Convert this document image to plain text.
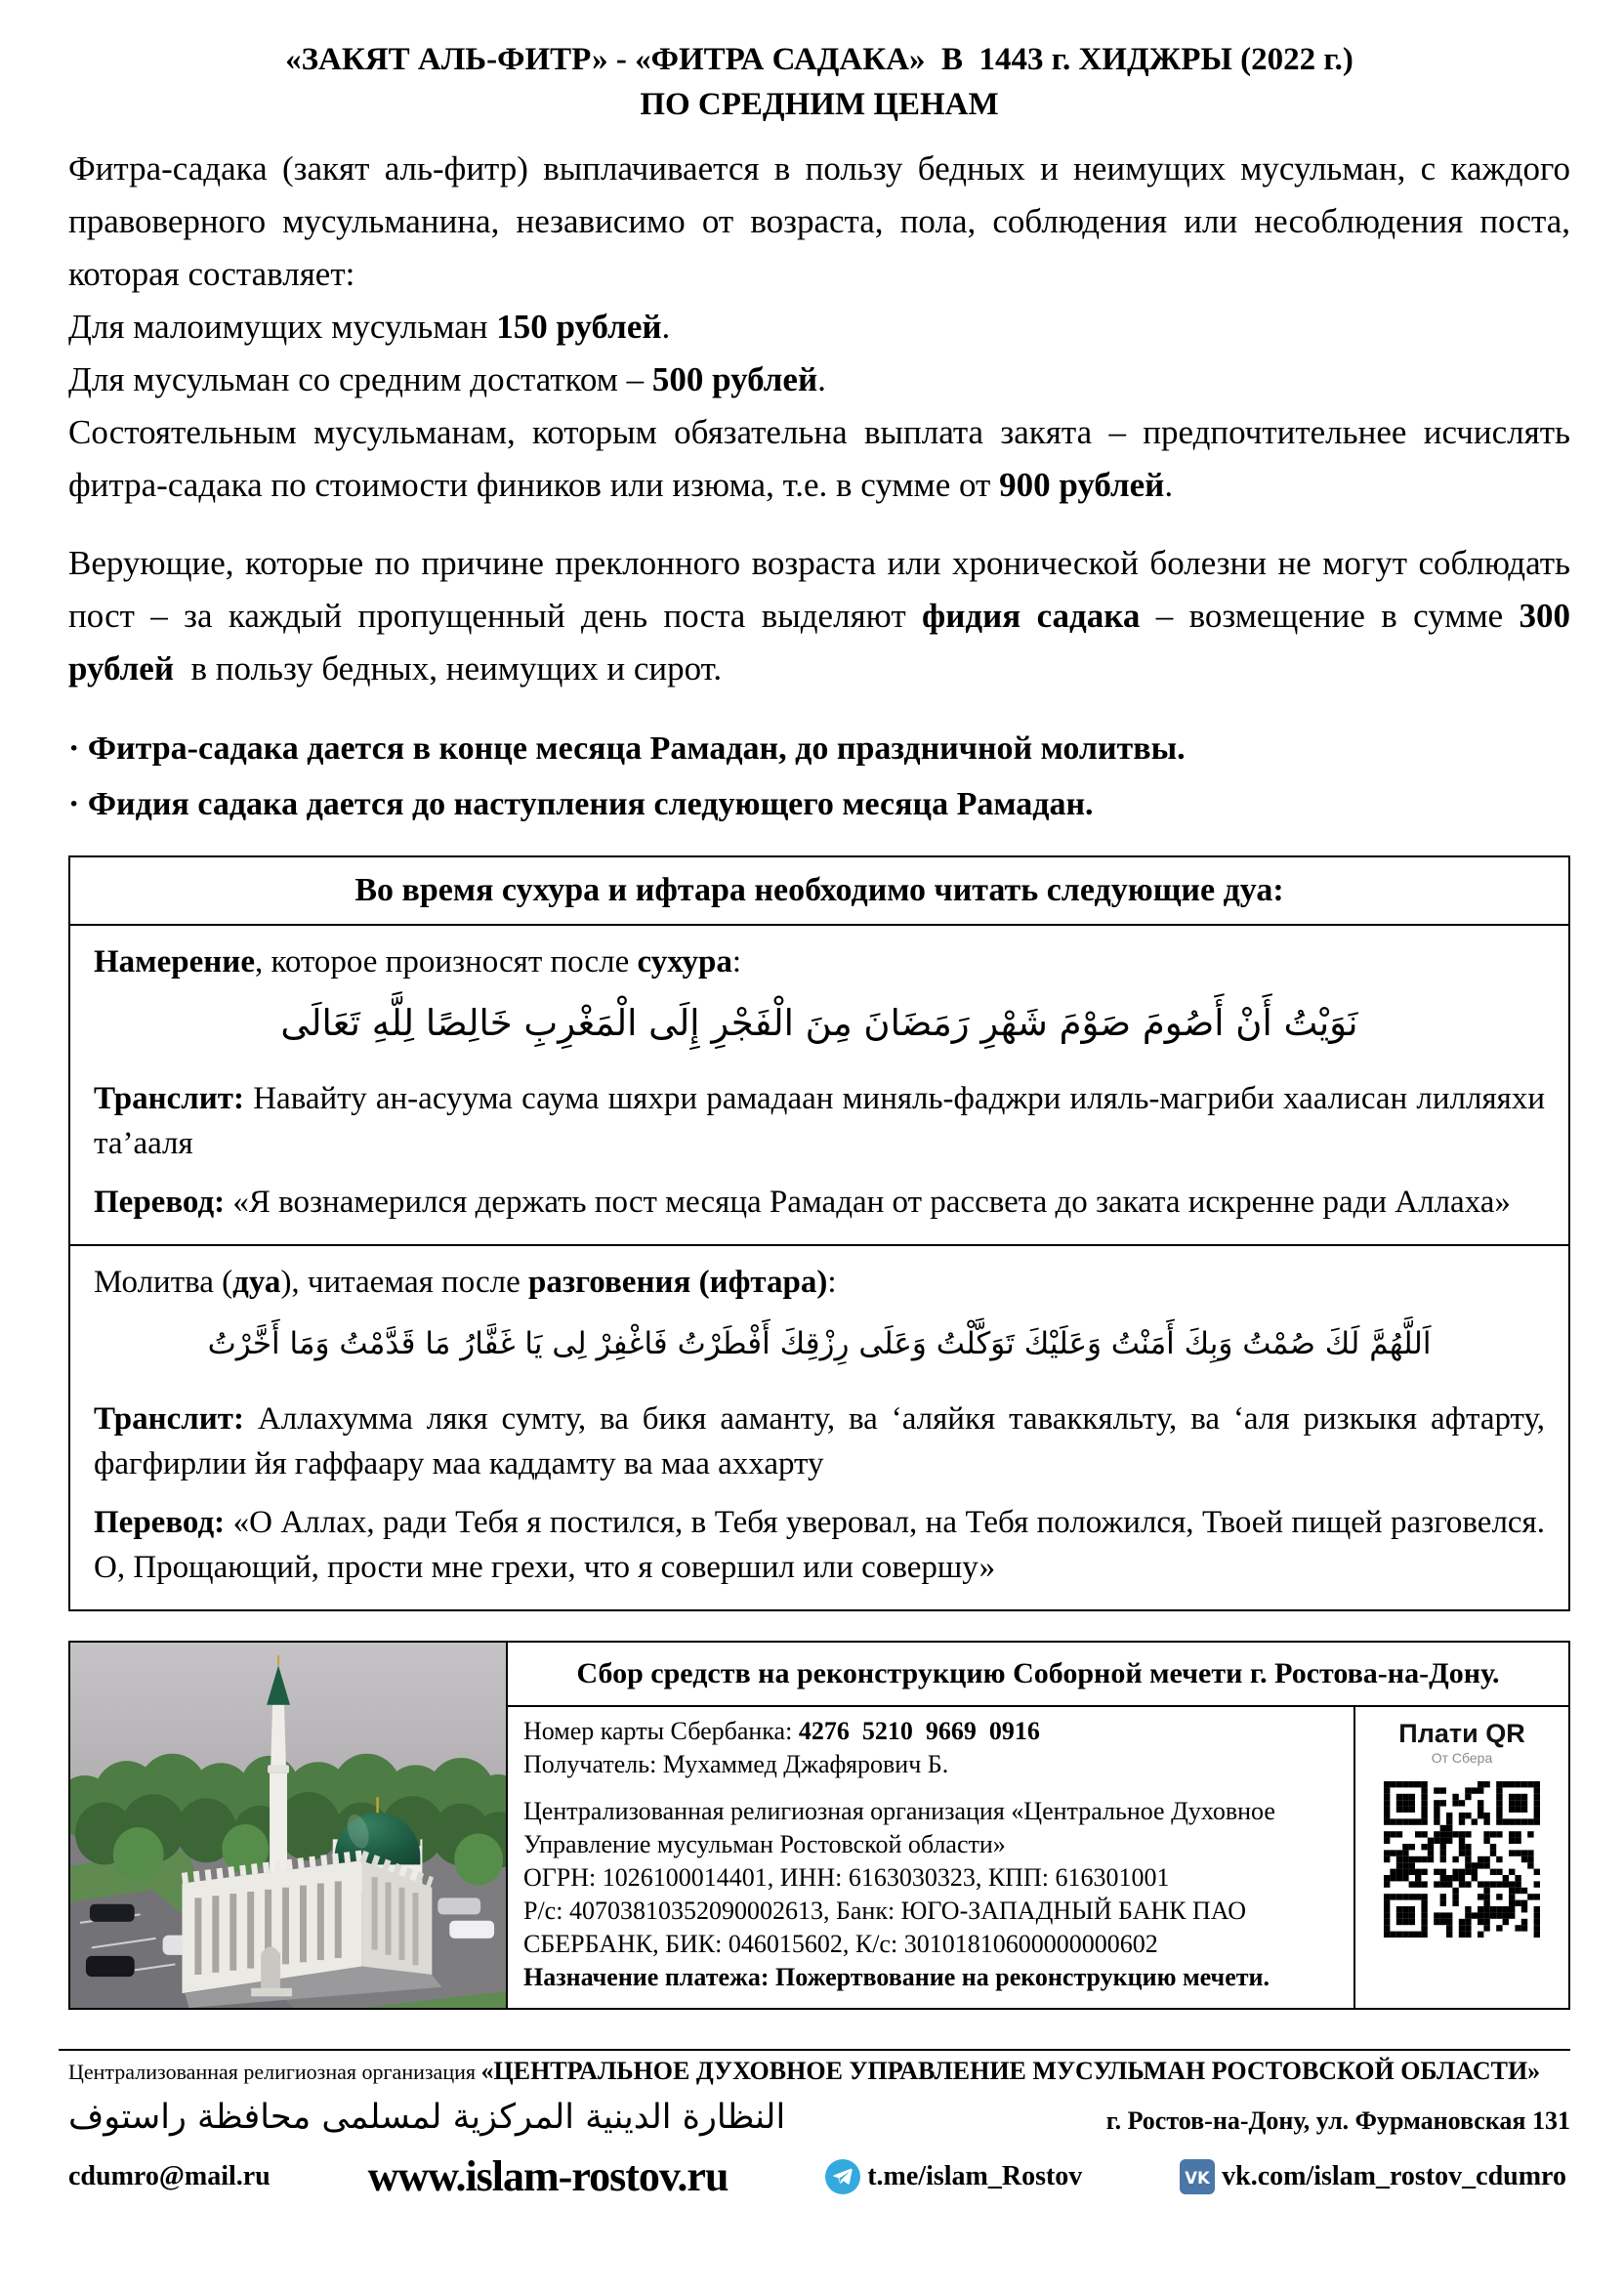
«ЗАКЯТ АЛЬ-ФИТР» - «ФИТРА САДАКА»  В  1443 г. ХИДЖРЫ (2022 г.)
ПО СРЕДНИМ ЦЕНАМ

Фитра-садака (закят аль-фитр) выплачивается в пользу бедных и неимущих мусульман, с каждого правоверного мусульманина, независимо от возраста, пола, соблюдения или несоблюдения поста, которая составляет:

Для малоимущих мусульман 150 рублей.

Для мусульман со средним достатком – 500 рублей.

Состоятельным мусульманам, которым обязательна выплата закята – предпочтительнее исчислять фитра-садака по стоимости фиников или изюма, т.е. в сумме от 900 рублей.

Верующие, которые по причине преклонного возраста или хронической болезни не могут соблюдать пост – за каждый пропущенный день поста выделяют фидия садака – возмещение в сумме 300 рублей  в пользу бедных, неимущих и сирот.

· Фитра-садака дается в конце месяца Рамадан, до праздничной молитвы.

· Фидия садака дается до наступления следующего месяца Рамадан.

Во время сухура и ифтара необходимо читать следующие дуа:

Намерение, которое произносят после сухура:

نَوَيْتُ أَنْ أَصُومَ صَوْمَ شَهْرِ رَمَضَانَ مِنَ الْفَجْرِ إِلَى الْمَغْرِبِ خَالِصًا لِلَّهِ تَعَالَى

Транслит: Навайту ан-асуума саума шяхри рамадаан миняль-фаджри иляль-магриби хаалисан лилляяхи та’ааля

Перевод: «Я вознамерился держать пост месяца Рамадан от рассвета до заката искренне ради Аллаха»

Молитва (дуа), читаемая после разговения (ифтара):

اَللَّهُمَّ لَكَ صُمْتُ وَبِكَ أَمَنْتُ وَعَلَيْكَ تَوَكَّلْتُ وَعَلَى رِزْقِكَ أَفْطَرْتُ فَاغْفِرْ لِى يَا غَفَّارُ مَا قَدَّمْتُ وَمَا أَخَّرْتُ

Транслит: Аллахумма лякя сумту, ва бикя ааманту, ва ‘аляйкя таваккяльту, ва ‘аля ризкыкя афтарту, фагфирлии йя гаффаару маа каддамту ва маа аххарту

Перевод: «О Аллах, ради Тебя я постился, в Тебя уверовал, на Тебя положился, Твоей пищей разговелся. О, Прощающий, прости мне грехи, что я совершил или совершу»

Сбор средств на реконструкцию Соборной мечети г. Ростова-на-Дону.

Номер карты Сбербанка: 4276  5210  9669  0916

Получатель: Мухаммед Джафярович Б.

Централизованная религиозная организация «Центральное Духовное Управление мусульман Ростовской области»

ОГРН: 1026100014401, ИНН: 6163030323, КПП: 616301001

Р/с: 40703810352090002613, Банк: ЮГО-ЗАПАДНЫЙ БАНК ПАО СБЕРБАНК, БИК: 046015602, К/с: 30101810600000000602

Назначение платежа: Пожертвование на реконструкцию мечети.

Плати QR
От Сбера
Централизованная религиозная организация «ЦЕНТРАЛЬНОЕ ДУХОВНОЕ УПРАВЛЕНИЕ МУСУЛЬМАН РОСТОВСКОЙ ОБЛАСТИ»
النظارة الدينية المركزية لمسلمى محافظة راستوف	г. Ростов-на-Дону, ул. Фурмановская 131
cdumro@mail.ru www.islam-rostov.ru	t.me/islam_Rostov	VK vk.com/islam_rostov_cdumro
